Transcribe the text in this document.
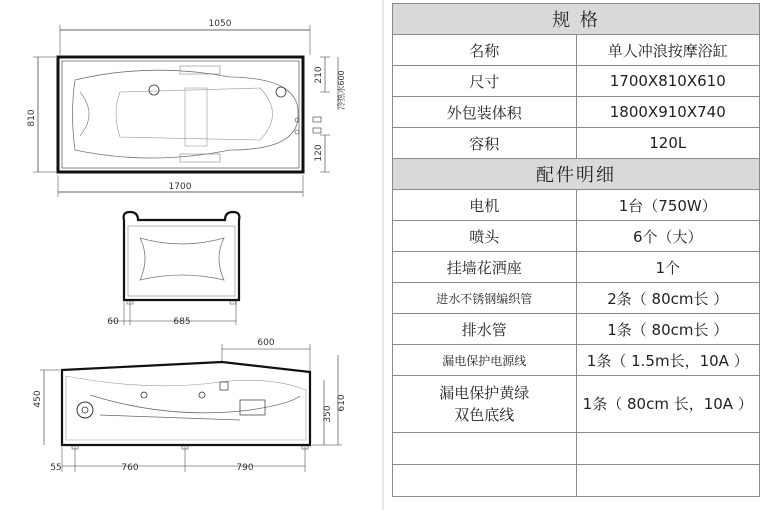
1050
810
1700
210
120
冷热水600
60	685
600
450
350
610
55	760	790
规 格	
名称	单人冲浪按摩浴缸
尺寸	1700X810X610
外包装体积	1800X910X740
容积	120L
配件明细	
电机	1台（750W）
喷头	6个（大）
挂墙花洒座	1个
进水不锈钢编织管	2条（ 80cm长 ）
排水管	1条（ 80cm长 ）
漏电保护电源线	1条（ 1.5m长，10A ）
漏电保护黄绿
双色底线	1条（ 80cm 长，10A ）
